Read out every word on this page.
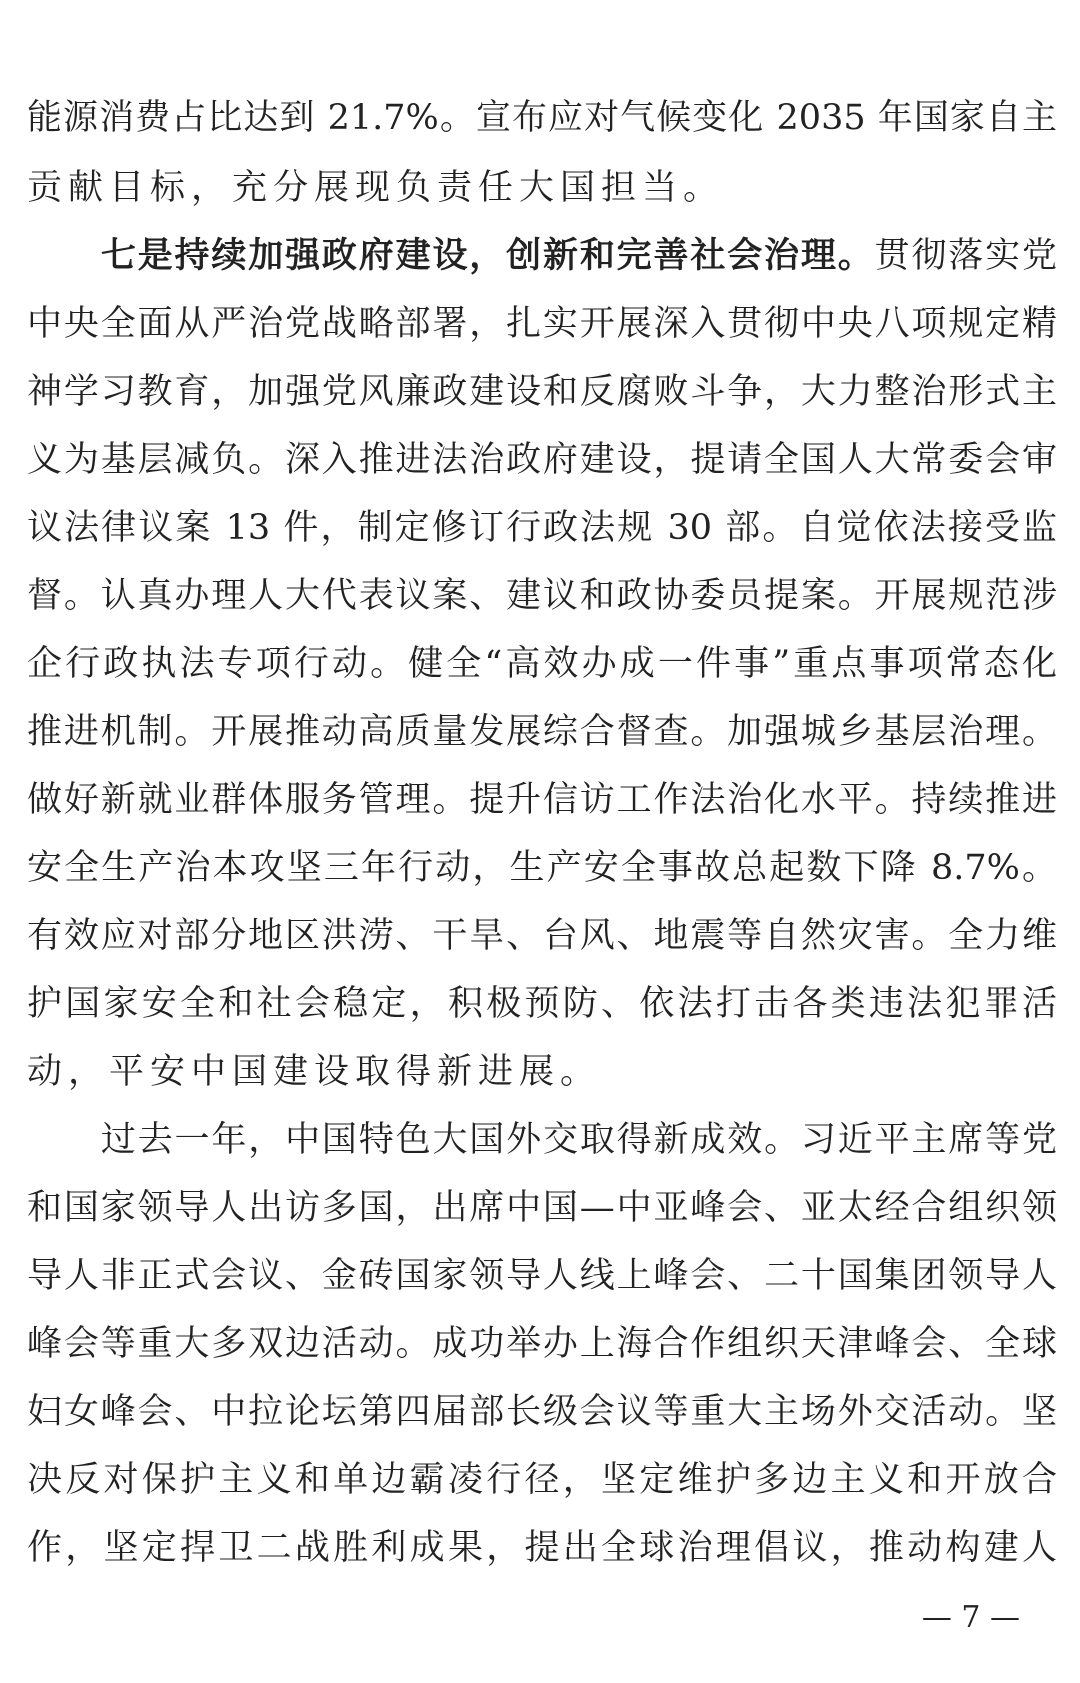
能源消费占比达到 21.7%。宣布应对气候变化 2035 年国家自主
贡献目标，充分展现负责任大国担当。
七是持续加强政府建设，创新和完善社会治理。贯彻落实党
中央全面从严治党战略部署，扎实开展深入贯彻中央八项规定精
神学习教育，加强党风廉政建设和反腐败斗争，大力整治形式主
义为基层减负。深入推进法治政府建设，提请全国人大常委会审
议法律议案 13 件，制定修订行政法规 30 部。自觉依法接受监
督。认真办理人大代表议案、建议和政协委员提案。开展规范涉
企行政执法专项行动。健全“高效办成一件事”重点事项常态化
推进机制。开展推动高质量发展综合督查。加强城乡基层治理。
做好新就业群体服务管理。提升信访工作法治化水平。持续推进
安全生产治本攻坚三年行动，生产安全事故总起数下降 8.7%。
有效应对部分地区洪涝、干旱、台风、地震等自然灾害。全力维
护国家安全和社会稳定，积极预防、依法打击各类违法犯罪活
动，平安中国建设取得新进展。
过去一年，中国特色大国外交取得新成效。习近平主席等党
和国家领导人出访多国，出席中国—中亚峰会、亚太经合组织领
导人非正式会议、金砖国家领导人线上峰会、二十国集团领导人
峰会等重大多双边活动。成功举办上海合作组织天津峰会、全球
妇女峰会、中拉论坛第四届部长级会议等重大主场外交活动。坚
决反对保护主义和单边霸凌行径，坚定维护多边主义和开放合
作，坚定捍卫二战胜利成果，提出全球治理倡议，推动构建人
— 7 —
